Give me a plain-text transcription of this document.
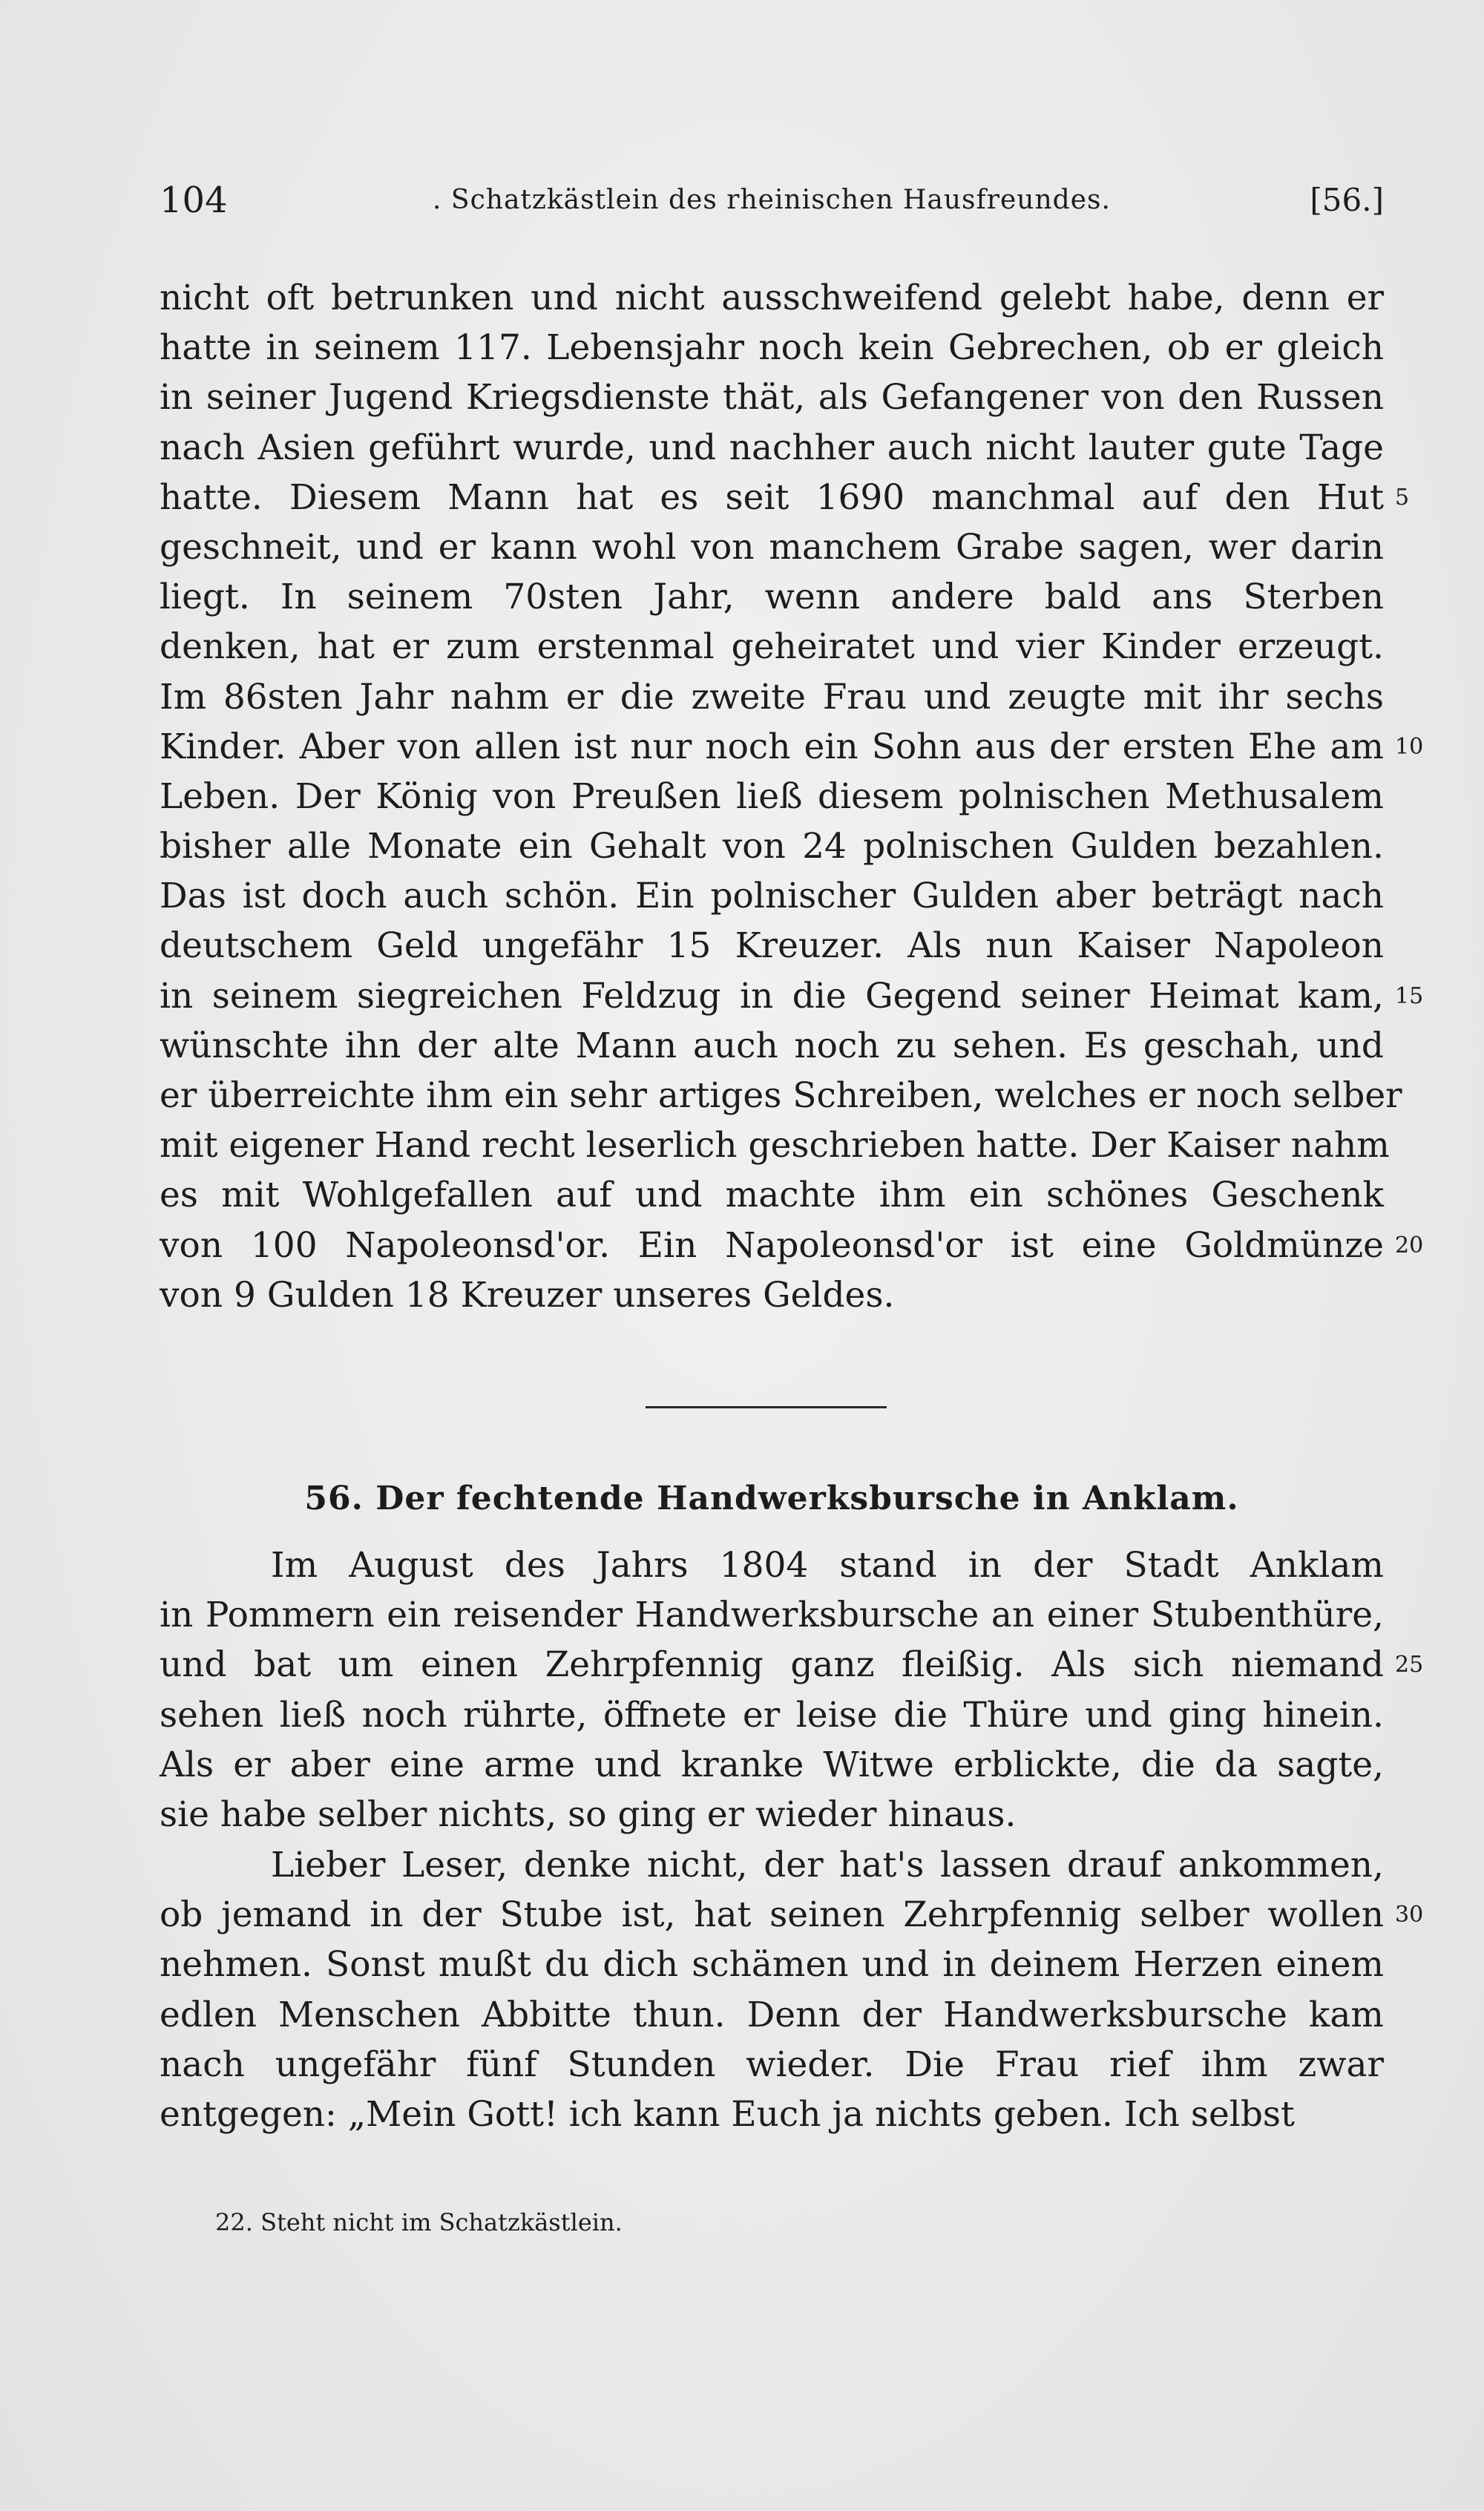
104	. Schatzkästlein des rheinischen Hausfreundes.	[56.]
nicht oft betrunken und nicht ausschweifend gelebt habe, denn er
hatte in seinem 117. Lebensjahr noch kein Gebrechen, ob er gleich
in seiner Jugend Kriegsdienste thät, als Gefangener von den Russen
nach Asien geführt wurde, und nachher auch nicht lauter gute Tage
hatte. Diesem Mann hat es seit 1690 manchmal auf den Hut 5
geschneit, und er kann wohl von manchem Grabe sagen, wer darin
liegt. In seinem 70sten Jahr, wenn andere bald ans Sterben
denken, hat er zum erstenmal geheiratet und vier Kinder erzeugt.
Im 86sten Jahr nahm er die zweite Frau und zeugte mit ihr sechs
Kinder. Aber von allen ist nur noch ein Sohn aus der ersten Ehe am 10
Leben. Der König von Preußen ließ diesem polnischen Methusalem
bisher alle Monate ein Gehalt von 24 polnischen Gulden bezahlen.
Das ist doch auch schön. Ein polnischer Gulden aber beträgt nach
deutschem Geld ungefähr 15 Kreuzer. Als nun Kaiser Napoleon
in seinem siegreichen Feldzug in die Gegend seiner Heimat kam, 15
wünschte ihn der alte Mann auch noch zu sehen. Es geschah, und
er überreichte ihm ein sehr artiges Schreiben, welches er noch selber
mit eigener Hand recht leserlich geschrieben hatte. Der Kaiser nahm
es mit Wohlgefallen auf und machte ihm ein schönes Geschenk
von 100 Napoleonsd'or. Ein Napoleonsd'or ist eine Goldmünze 20
von 9 Gulden 18 Kreuzer unseres Geldes.
56. Der fechtende Handwerksbursche in Anklam.
Im August des Jahrs 1804 stand in der Stadt Anklam
in Pommern ein reisender Handwerksbursche an einer Stubenthüre,
und bat um einen Zehrpfennig ganz fleißig. Als sich niemand 25
sehen ließ noch rührte, öffnete er leise die Thüre und ging hinein.
Als er aber eine arme und kranke Witwe erblickte, die da sagte,
sie habe selber nichts, so ging er wieder hinaus.
Lieber Leser, denke nicht, der hat's lassen drauf ankommen,
ob jemand in der Stube ist, hat seinen Zehrpfennig selber wollen 30
nehmen. Sonst mußt du dich schämen und in deinem Herzen einem
edlen Menschen Abbitte thun. Denn der Handwerksbursche kam
nach ungefähr fünf Stunden wieder. Die Frau rief ihm zwar
entgegen: „Mein Gott! ich kann Euch ja nichts geben. Ich selbst
22. Steht nicht im Schatzkästlein.
